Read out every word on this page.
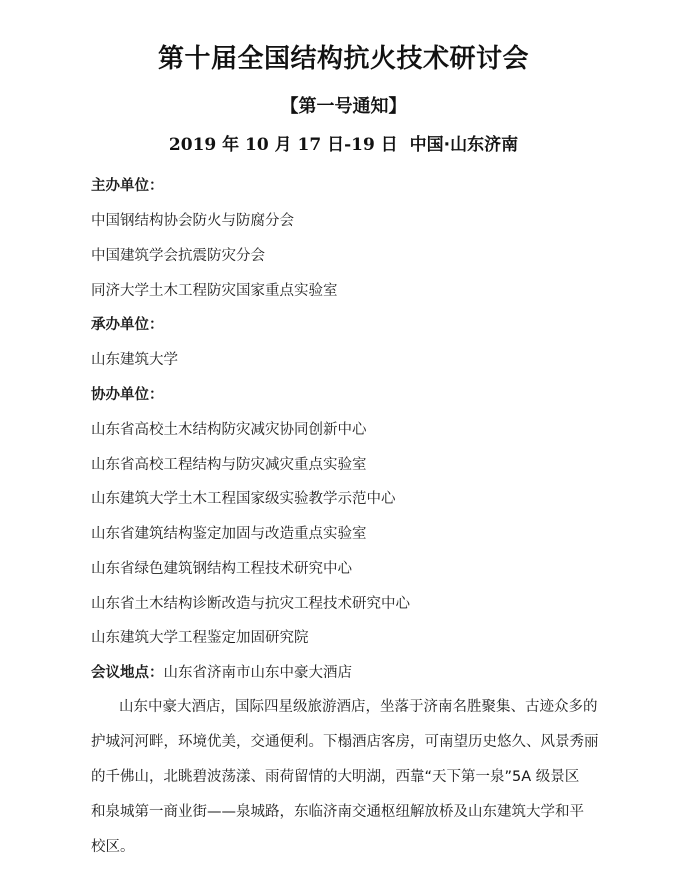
第十届全国结构抗火技术研讨会
【第一号通知】
2019 年 10 月 17 日-19 日 中国·山东济南
主办单位：
中国钢结构协会防火与防腐分会
中国建筑学会抗震防灾分会
同济大学土木工程防灾国家重点实验室
承办单位：
山东建筑大学
协办单位：
山东省高校土木结构防灾减灾协同创新中心
山东省高校工程结构与防灾减灾重点实验室
山东建筑大学土木工程国家级实验教学示范中心
山东省建筑结构鉴定加固与改造重点实验室
山东省绿色建筑钢结构工程技术研究中心
山东省土木结构诊断改造与抗灾工程技术研究中心
山东建筑大学工程鉴定加固研究院
会议地点：山东省济南市山东中豪大酒店
山东中豪大酒店，国际四星级旅游酒店，坐落于济南名胜聚集、古迹众多的
护城河河畔，环境优美，交通便利。下榻酒店客房，可南望历史悠久、风景秀丽
的千佛山，北眺碧波荡漾、雨荷留情的大明湖，西靠“天下第一泉”5A 级景区
和泉城第一商业街——泉城路，东临济南交通枢纽解放桥及山东建筑大学和平
校区。
